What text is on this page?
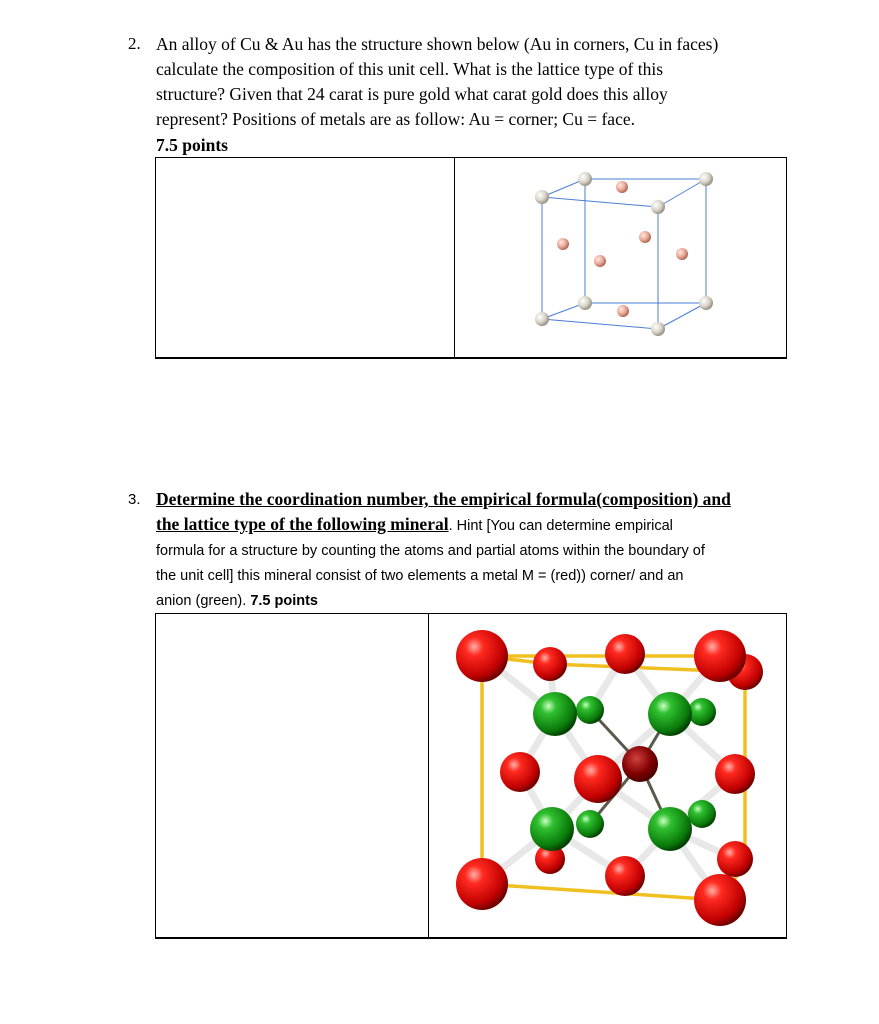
2. An alloy of Cu & Au has the structure shown below (Au in corners, Cu in faces)
calculate the composition of this unit cell. What is the lattice type of this
structure? Given that 24 carat is pure gold what carat gold does this alloy
represent? Positions of metals are as follow: Au = corner; Cu = face.
7.5 points
3. Determine the coordination number, the empirical formula(composition) and
the lattice type of the following mineral. Hint [You can determine empirical
formula for a structure by counting the atoms and partial atoms within the boundary of
the unit cell] this mineral consist of two elements a metal M = (red)) corner/ and an
anion (green). 7.5 points
